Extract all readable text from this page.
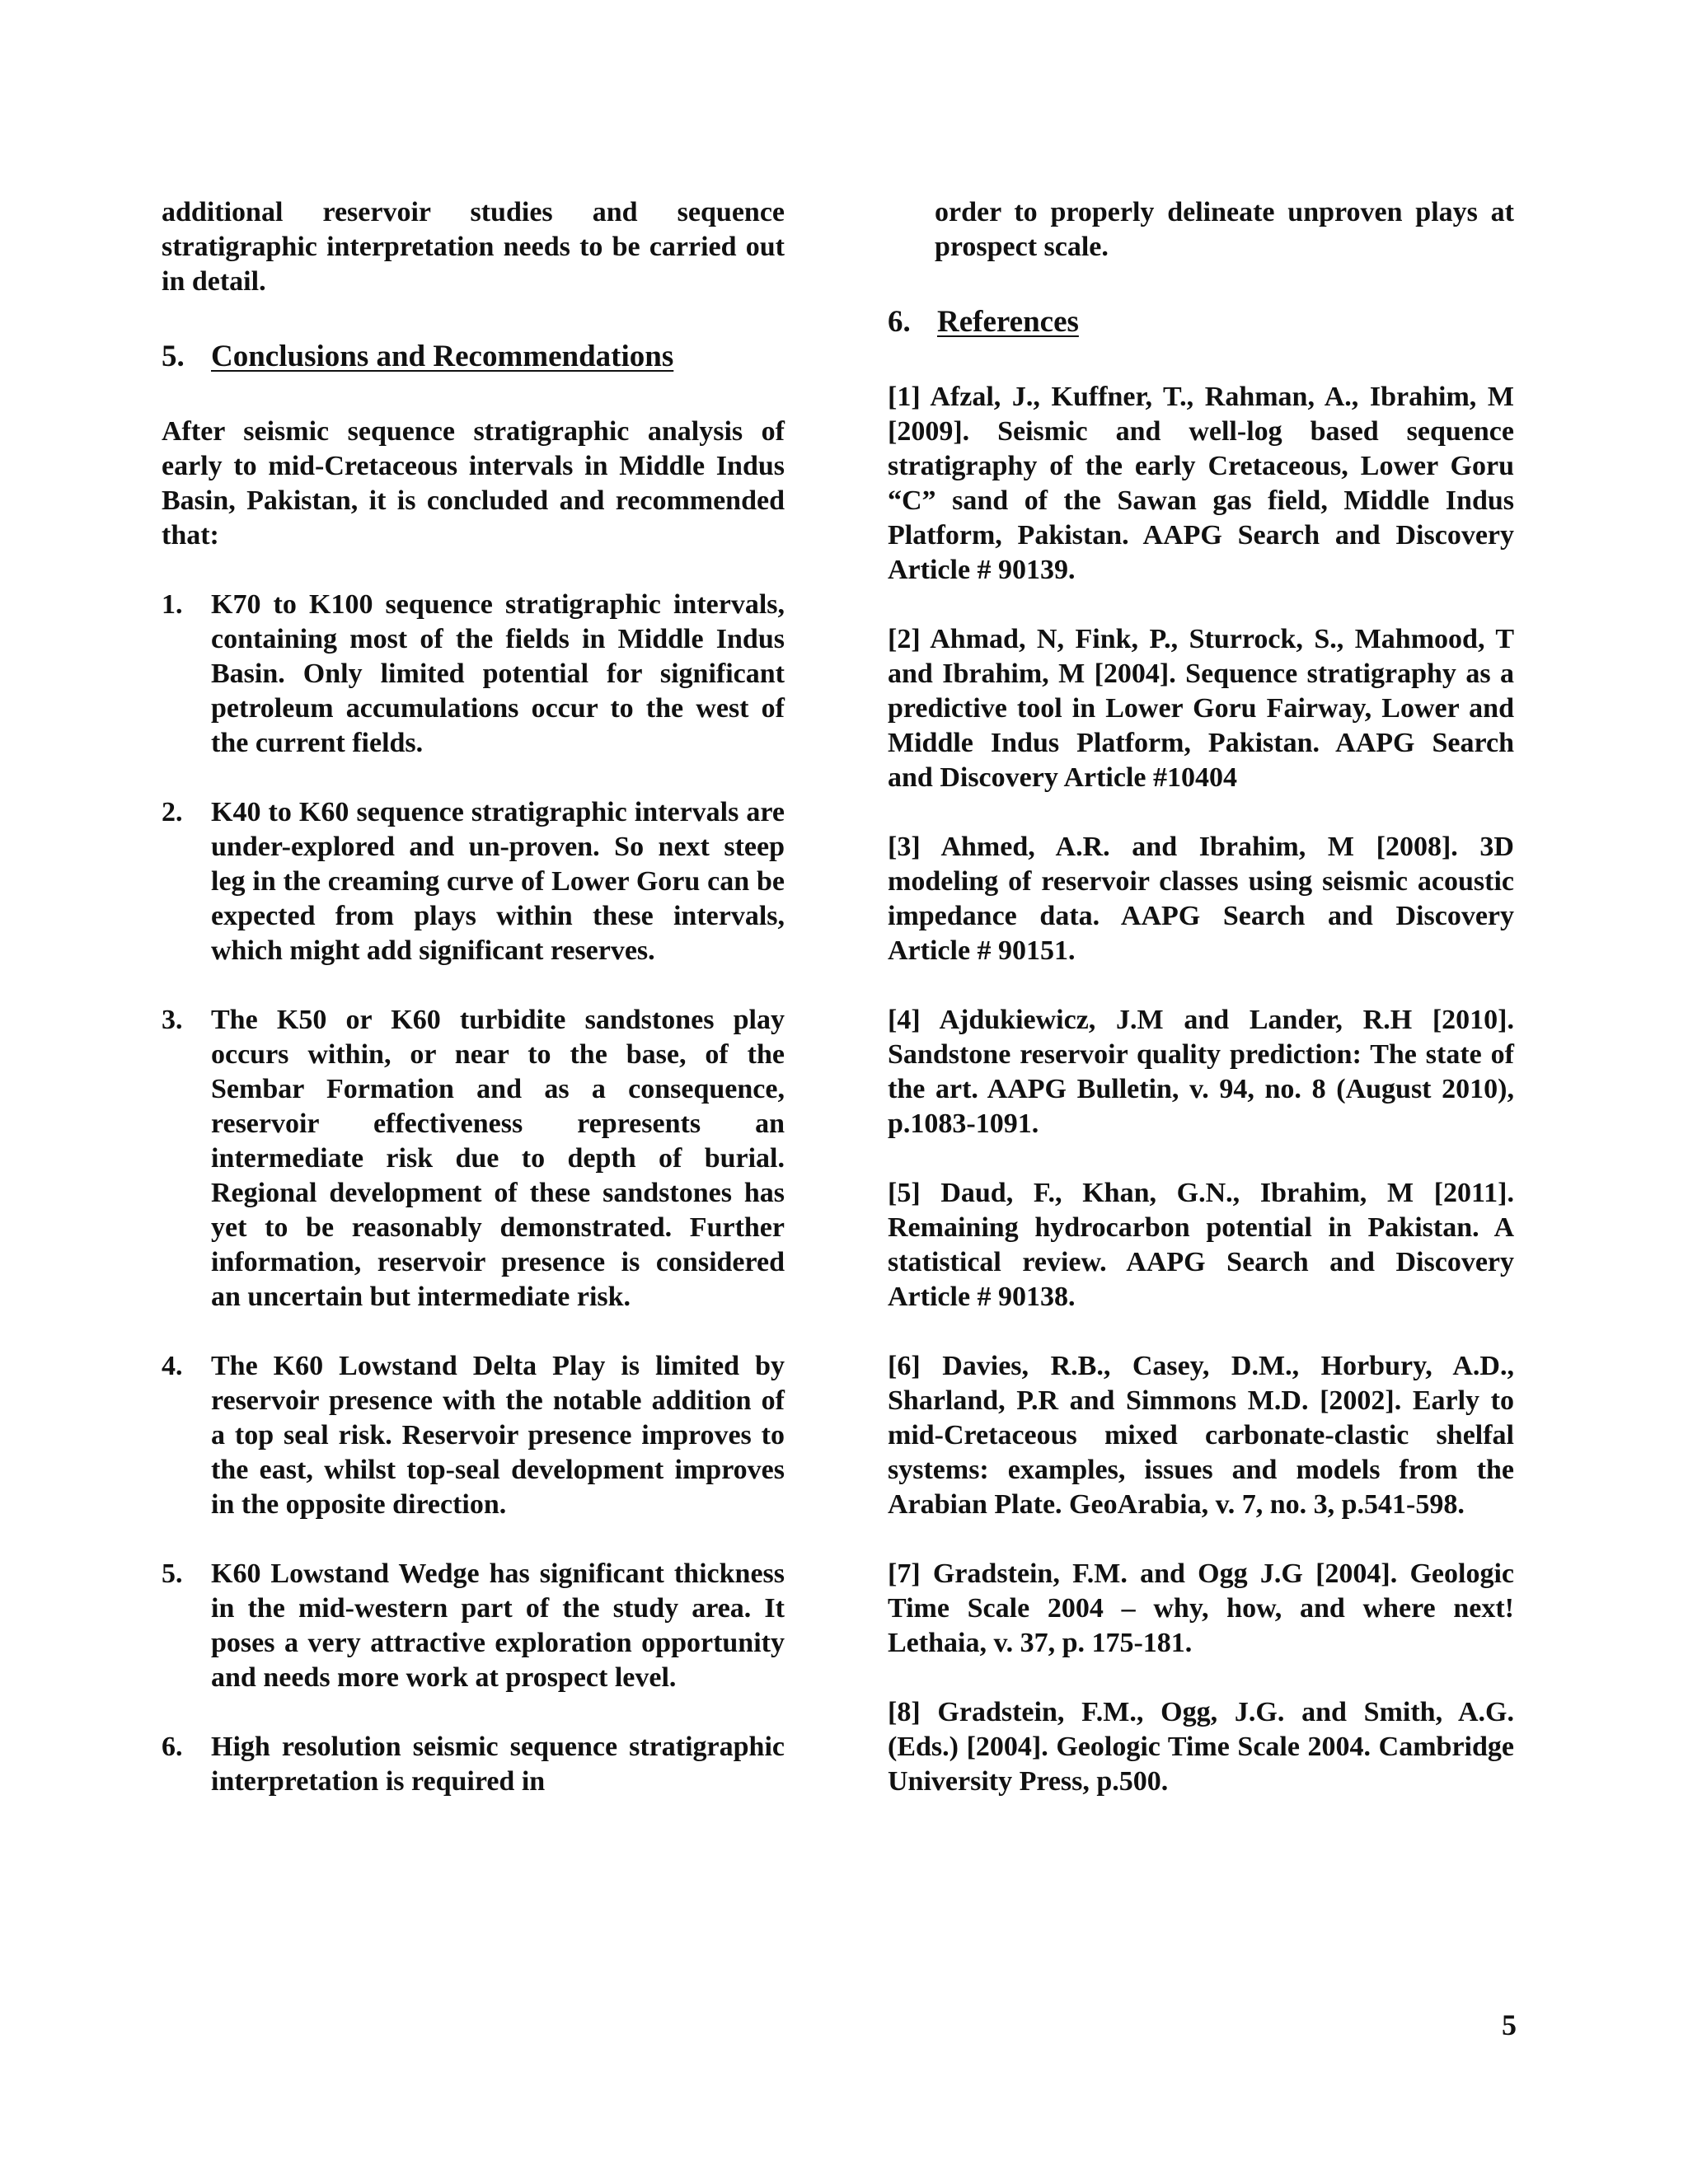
additional reservoir studies and sequence stratigraphic interpretation needs to be carried out in detail.

5. Conclusions and Recommendations

After seismic sequence stratigraphic analysis of early to mid-Cretaceous intervals in Middle Indus Basin, Pakistan, it is concluded and recommended that:

1.	K70 to K100 sequence stratigraphic intervals, containing most of the fields in Middle Indus Basin. Only limited potential for significant petroleum accumulations occur to the west of the current fields.
2.	K40 to K60 sequence stratigraphic intervals are under-explored and un-proven. So next steep leg in the creaming curve of Lower Goru can be expected from plays within these intervals, which might add significant reserves.
3.	The K50 or K60 turbidite sandstones play occurs within, or near to the base, of the Sembar Formation and as a consequence, reservoir effectiveness represents an intermediate risk due to depth of burial. Regional development of these sandstones has yet to be reasonably demonstrated. Further information, reservoir presence is considered an uncertain but intermediate risk.
4.	The K60 Lowstand Delta Play is limited by reservoir presence with the notable addition of a top seal risk. Reservoir presence improves to the east, whilst top-seal development improves in the opposite direction.
5.	K60 Lowstand Wedge has significant thickness in the mid-western part of the study area. It poses a very attractive exploration opportunity and needs more work at prospect level.
6.	High resolution seismic sequence stratigraphic interpretation is required in

order to properly delineate unproven plays at prospect scale.

6. References

[1] Afzal, J., Kuffner, T., Rahman, A., Ibrahim, M [2009]. Seismic and well-log based sequence stratigraphy of the early Cretaceous, Lower Goru “C” sand of the Sawan gas field, Middle Indus Platform, Pakistan. AAPG Search and Discovery Article # 90139.

[2] Ahmad, N, Fink, P., Sturrock, S., Mahmood, T and Ibrahim, M [2004]. Sequence stratigraphy as a predictive tool in Lower Goru Fairway, Lower and Middle Indus Platform, Pakistan. AAPG Search and Discovery Article #10404

[3] Ahmed, A.R. and Ibrahim, M [2008]. 3D modeling of reservoir classes using seismic acoustic impedance data. AAPG Search and Discovery Article # 90151.

[4] Ajdukiewicz, J.M and Lander, R.H [2010]. Sandstone reservoir quality prediction: The state of the art. AAPG Bulletin, v. 94, no. 8 (August 2010), p.1083-1091.

[5] Daud, F., Khan, G.N., Ibrahim, M [2011]. Remaining hydrocarbon potential in Pakistan. A statistical review. AAPG Search and Discovery Article # 90138.

[6] Davies, R.B., Casey, D.M., Horbury, A.D., Sharland, P.R and Simmons M.D. [2002]. Early to mid-Cretaceous mixed carbonate-clastic shelfal systems: examples, issues and models from the Arabian Plate. GeoArabia, v. 7, no. 3, p.541-598.

[7] Gradstein, F.M. and Ogg J.G [2004]. Geologic Time Scale 2004 – why, how, and where next! Lethaia, v. 37, p. 175-181.

[8] Gradstein, F.M., Ogg, J.G. and Smith, A.G. (Eds.) [2004]. Geologic Time Scale 2004. Cambridge University Press, p.500.

5
